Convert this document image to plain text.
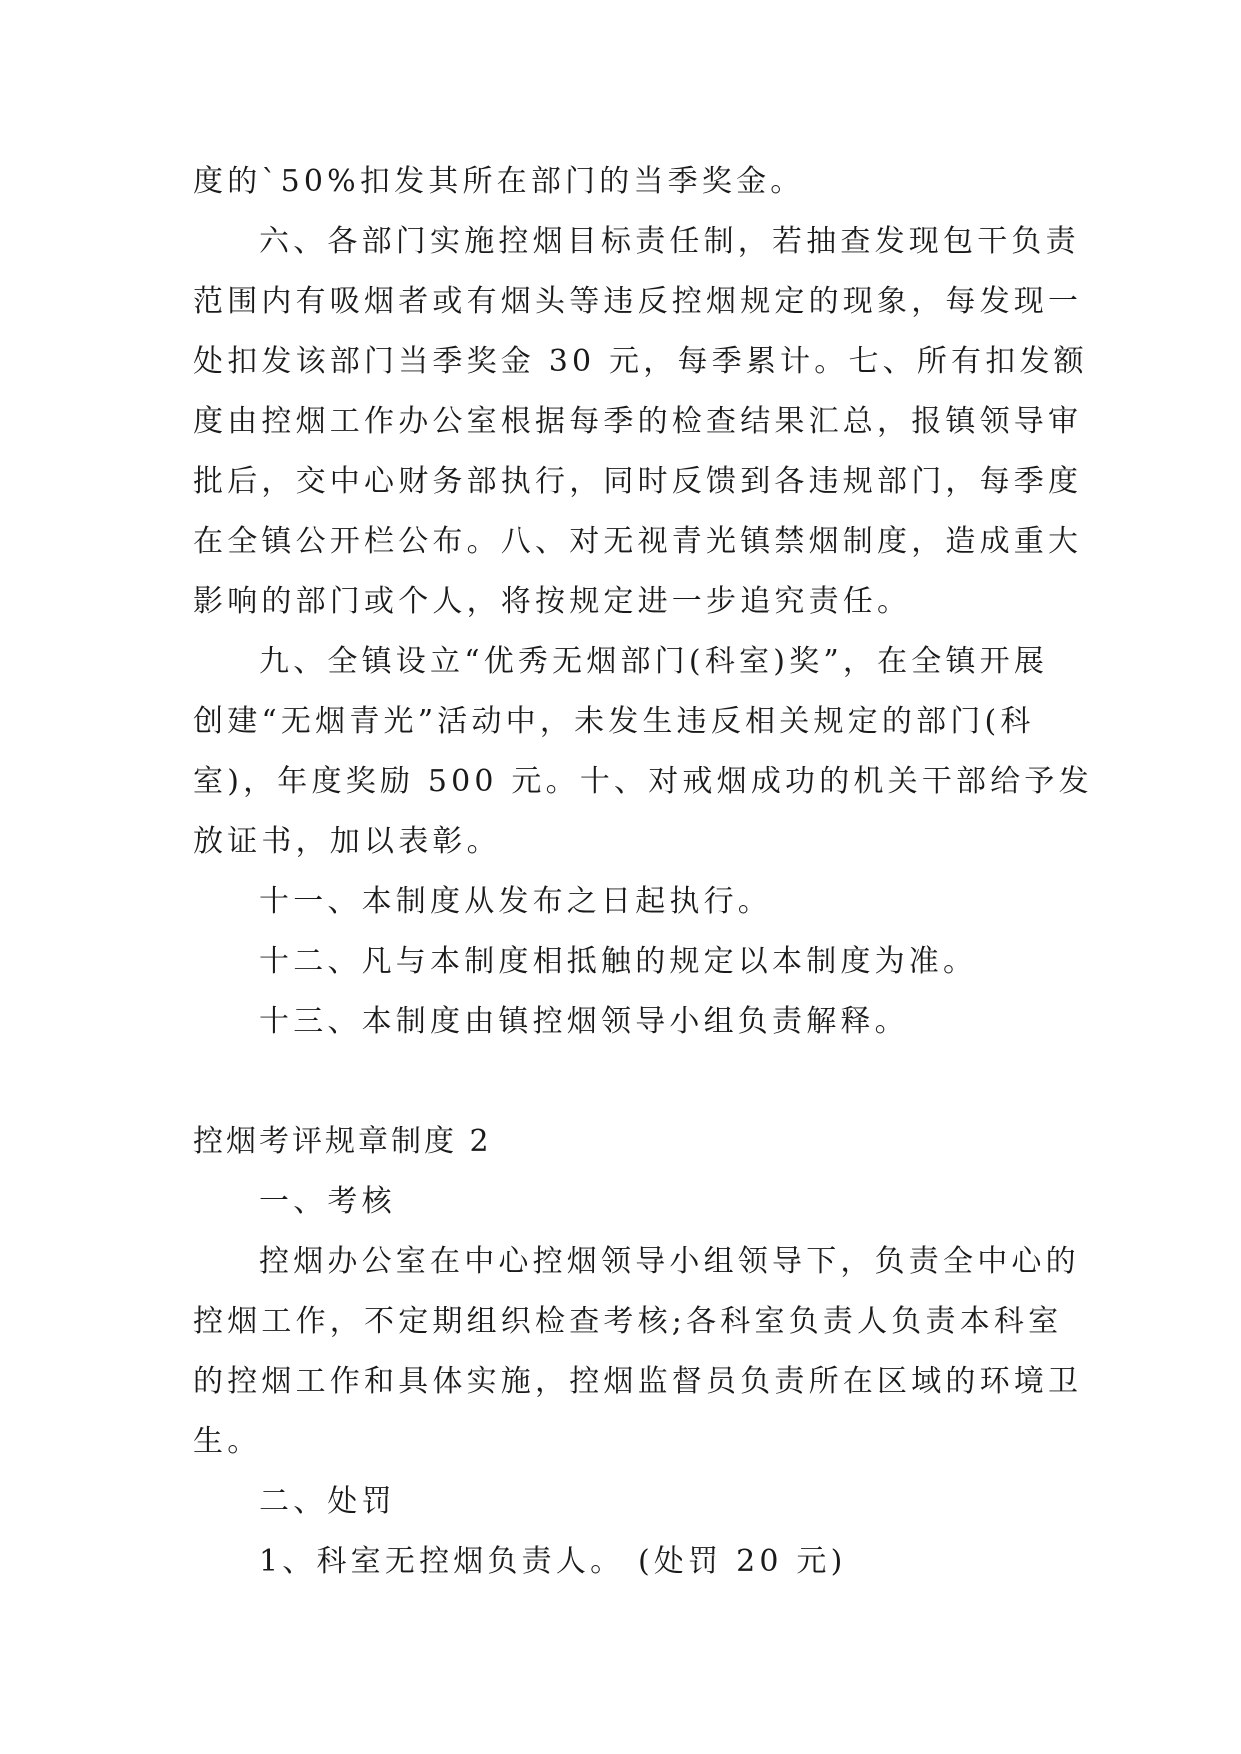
度的`50%扣发其所在部门的当季奖金。
六、各部门实施控烟目标责任制，若抽查发现包干负责
范围内有吸烟者或有烟头等违反控烟规定的现象，每发现一
处扣发该部门当季奖金 30 元，每季累计。七、所有扣发额
度由控烟工作办公室根据每季的检查结果汇总，报镇领导审
批后，交中心财务部执行，同时反馈到各违规部门，每季度
在全镇公开栏公布。八、对无视青光镇禁烟制度，造成重大
影响的部门或个人，将按规定进一步追究责任。
九、全镇设立“优秀无烟部门(科室)奖”，在全镇开展
创建“无烟青光”活动中，未发生违反相关规定的部门(科
室)，年度奖励 500 元。十、对戒烟成功的机关干部给予发
放证书，加以表彰。
十一、本制度从发布之日起执行。
十二、凡与本制度相抵触的规定以本制度为准。
十三、本制度由镇控烟领导小组负责解释。
控烟考评规章制度 2
一、考核
控烟办公室在中心控烟领导小组领导下，负责全中心的
控烟工作，不定期组织检查考核;各科室负责人负责本科室
的控烟工作和具体实施，控烟监督员负责所在区域的环境卫
生。
二、处罚
1、科室无控烟负责人。 (处罚 20 元)
